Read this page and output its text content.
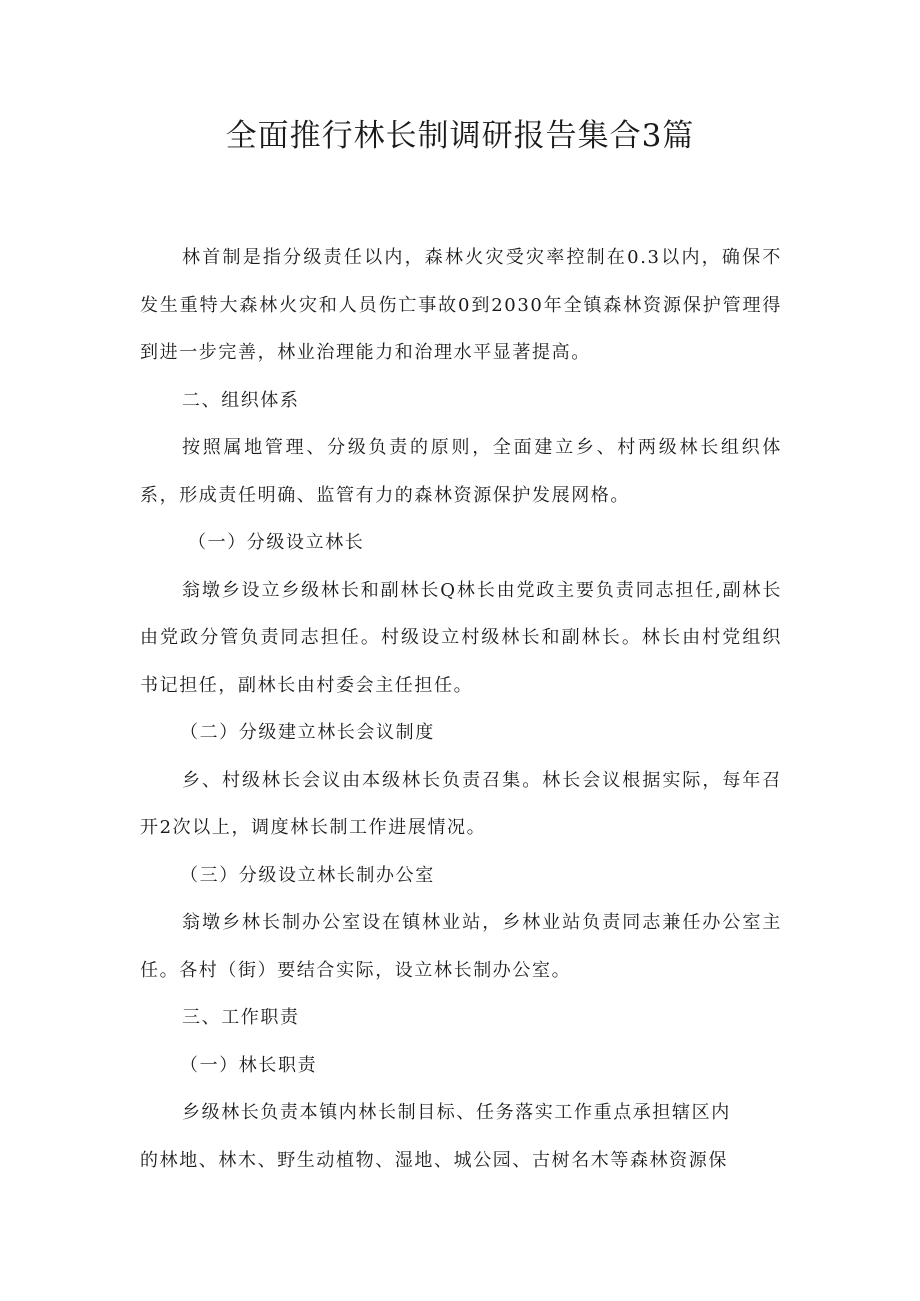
全面推行林长制调研报告集合3篇

林首制是指分级责任以内，森林火灾受灾率控制在0.3以内，确保不发生重特大森林火灾和人员伤亡事故0到2030年全镇森林资源保护管理得到进一步完善，林业治理能力和治理水平显著提高。

二、组织体系

按照属地管理、分级负责的原则，全面建立乡、村两级林长组织体系，形成责任明确、监管有力的森林资源保护发展网格。

（一）分级设立林长

翁墩乡设立乡级林长和副林长Q林长由党政主要负责同志担任,副林长由党政分管负责同志担任。村级设立村级林长和副林长。林长由村党组织书记担任，副林长由村委会主任担任。

（二）分级建立林长会议制度

乡、村级林长会议由本级林长负责召集。林长会议根据实际，每年召开2次以上，调度林长制工作进展情况。

（三）分级设立林长制办公室

翁墩乡林长制办公室设在镇林业站，乡林业站负责同志兼任办公室主任。各村（街）要结合实际，设立林长制办公室。

三、工作职责

（一）林长职责

乡级林长负责本镇内林长制目标、任务落实工作重点承担辖区内

的林地、林木、野生动植物、湿地、城公园、古树名木等森林资源保
